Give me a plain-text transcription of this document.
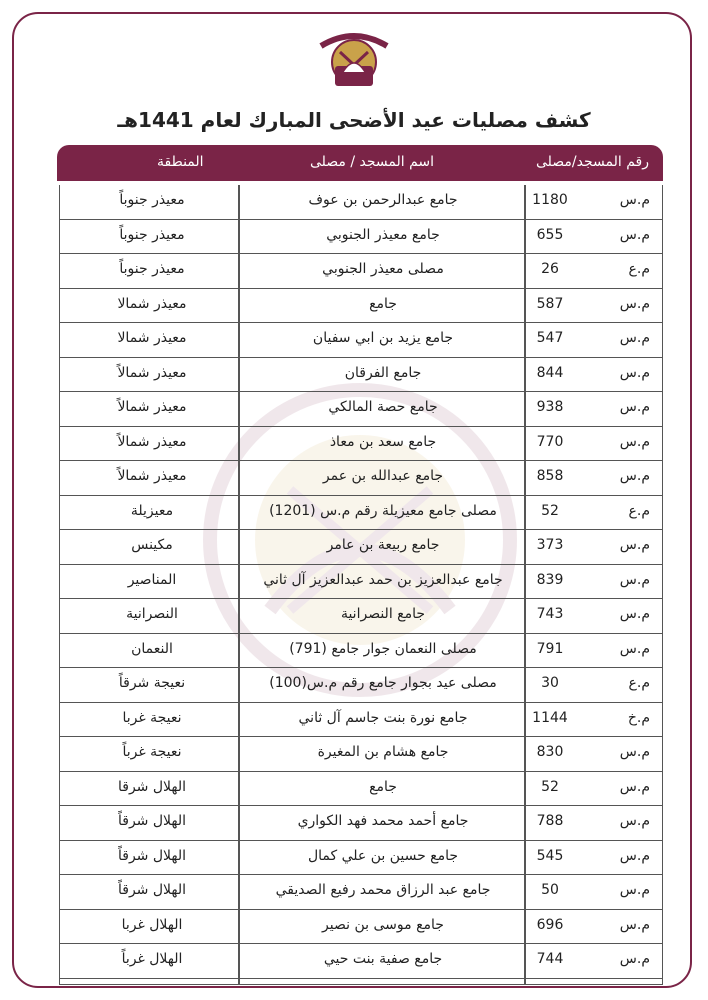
كشف مصليات عيد الأضحى المبارك لعام 1441هـ
رقم المسجد/مصلى
اسم المسجد / مصلى
المنطقة
م.س
1180
جامع عبدالرحمن بن عوف
معيذر جنوباً
م.س
655
جامع معيذر الجنوبي
معيذر جنوباً
م.ع
26
مصلى معيذر الجنوبي
معيذر جنوباً
م.س
587
جامع
معيذر شمالا
م.س
547
جامع يزيد بن ابي سفيان
معيذر شمالا
م.س
844
جامع الفرقان
معيذر شمالاً
م.س
938
جامع حصة المالكي
معيذر شمالاً
م.س
770
جامع سعد بن معاذ
معيذر شمالاً
م.س
858
جامع عبدالله بن عمر
معيذر شمالاً
م.ع
52
مصلى جامع معيزيلة رقم م.س (1201)
معيزيلة
م.س
373
جامع ربيعة بن عامر
مكينس
م.س
839
جامع عبدالعزيز بن حمد عبدالعزيز آل ثاني
المناصير
م.س
743
جامع النصرانية
النصرانية
م.س
791
مصلى النعمان جوار جامع (791)
النعمان
م.ع
30
مصلى عيد بجوار جامع رقم م.س(100)
نعيجة شرقاً
م.خ
1144
جامع نورة بنت جاسم آل ثاني
نعيجة غربا
م.س
830
جامع هشام بن المغيرة
نعيجة غرباً
م.س
52
جامع
الهلال شرقا
م.س
788
جامع أحمد محمد فهد الكواري
الهلال شرقاً
م.س
545
جامع حسين بن علي كمال
الهلال شرقاً
م.س
50
جامع عبد الرزاق محمد رفيع الصديقي
الهلال شرقاً
م.س
696
جامع موسى بن نصير
الهلال غربا
م.س
744
جامع صفية بنت حيي
الهلال غرباً
